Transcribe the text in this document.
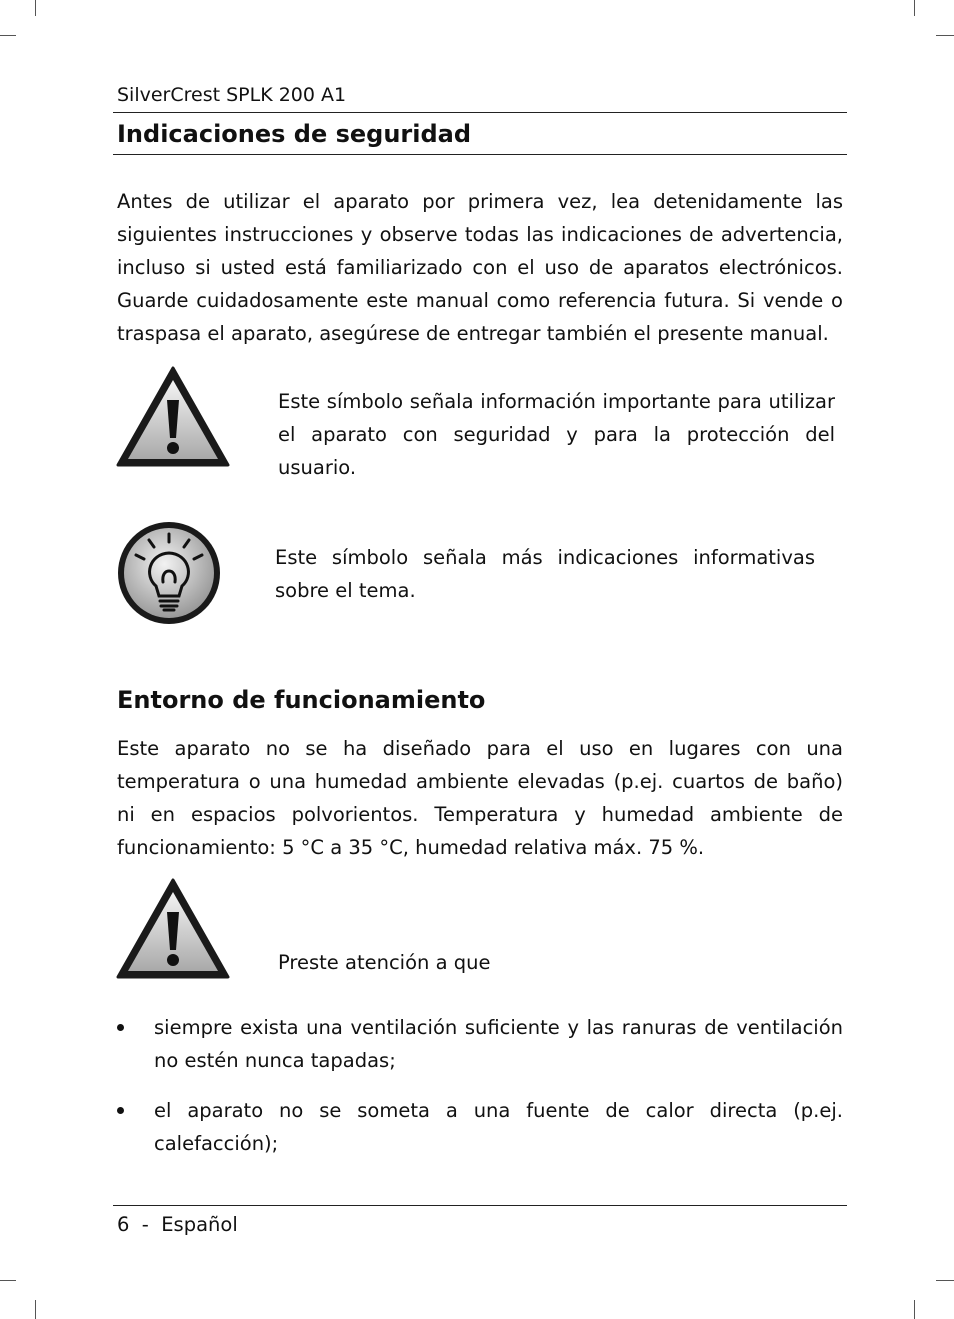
SilverCrest SPLK 200 A1
Indicaciones de seguridad
Antes de utilizar el aparato por primera vez, lea detenidamente las siguientes instrucciones y observe todas las indicaciones de advertencia, incluso si usted está familiarizado con el uso de aparatos electrónicos. Guarde cuidadosamente este manual como referencia futura. Si vende o traspasa el aparato, asegúrese de entregar también el presente manual.
Este símbolo señala información importante para utilizar el aparato con seguridad y para la protección del usuario.
Este símbolo señala más indicaciones informativas sobre el tema.
Entorno de funcionamiento
Este aparato no se ha diseñado para el uso en lugares con una temperatura o una humedad ambiente elevadas (p.ej. cuartos de baño) ni en espacios polvorientos. Temperatura y humedad ambiente de funcionamiento: 5 °C a 35 °C, humedad relativa máx. 75 %.
Preste atención a que
siempre exista una ventilación suficiente y las ranuras de ventilación no estén nunca tapadas;
el aparato no se someta a una fuente de calor directa (p.ej. calefacción);
6  -  Español
